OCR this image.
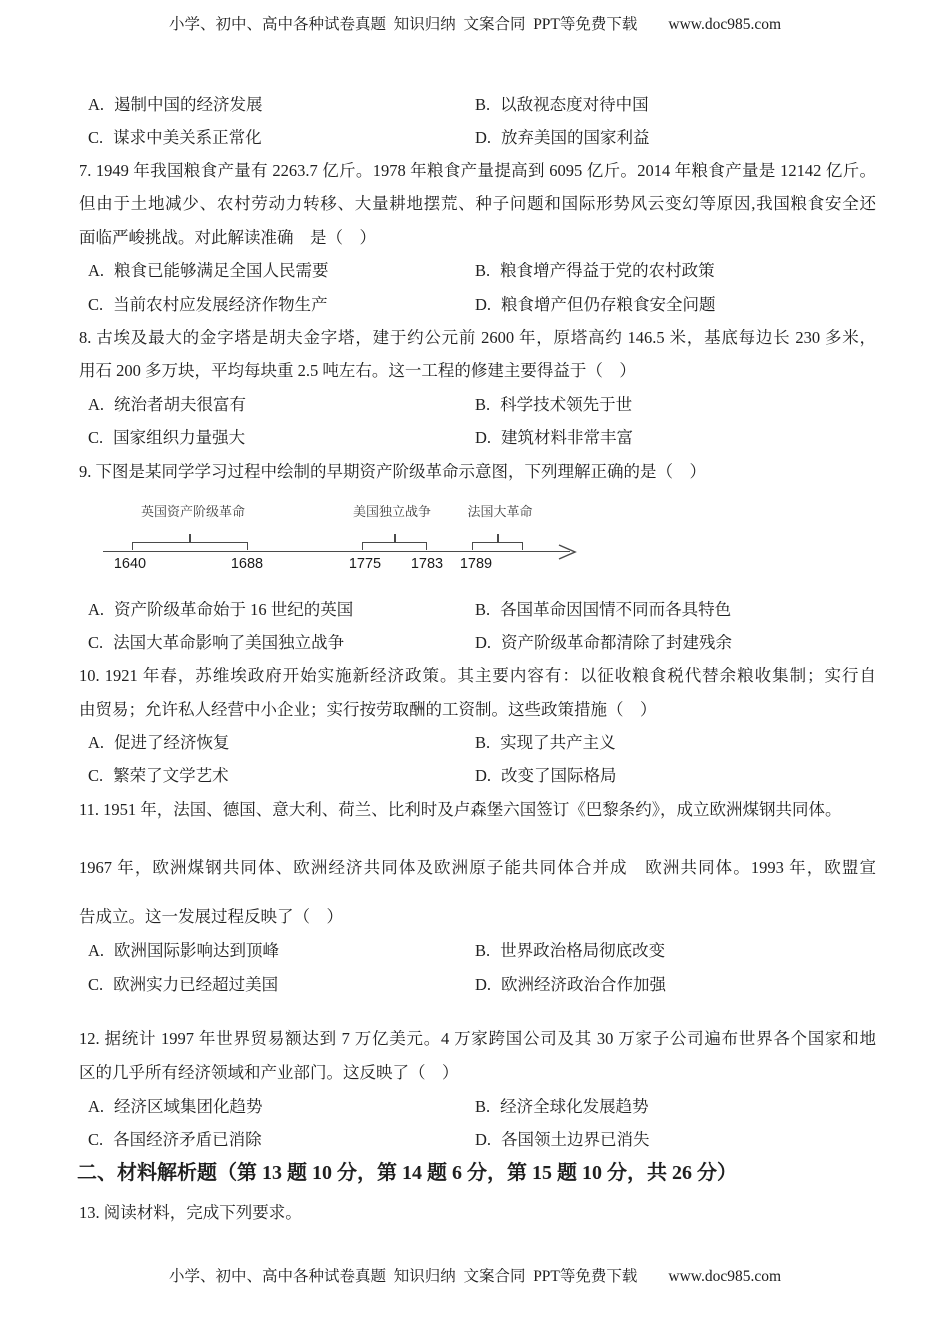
小学、初中、高中各种试卷真题  知识归纳  文案合同  PPT等免费下载　　www.doc985.com
A. 遏制中国的经济发展	B. 以敌视态度对待中国
C. 谋求中美关系正常化	D. 放弃美国的国家利益
7. 1949 年我国粮食产量有 2263.7 亿斤。1978 年粮食产量提高到 6095 亿斤。2014 年粮食产量是 12142 亿斤。
但由于土地减少、农村劳动力转移、大量耕地摆荒、种子问题和国际形势风云变幻等原因,我国粮食安全还
面临严峻挑战。对此解读准确　是（　）
A. 粮食已能够满足全国人民需要	B. 粮食增产得益于党的农村政策
C. 当前农村应发展经济作物生产	D. 粮食增产但仍存粮食安全问题
8. 古埃及最大的金字塔是胡夫金字塔，建于约公元前 2600 年，原塔高约 146.5 米，基底每边长 230 多米，
用石 200 多万块，平均每块重 2.5 吨左右。这一工程的修建主要得益于（　）
A. 统治者胡夫很富有	B. 科学技术领先于世
C. 国家组织力量强大	D. 建筑材料非常丰富
9. 下图是某同学学习过程中绘制的早期资产阶级革命示意图，下列理解正确的是（　）
英国资产阶级革命	美国独立战争	法国大革命
1640	1688	1775	1783	1789
A. 资产阶级革命始于 16 世纪的英国	B. 各国革命因国情不同而各具特色
C. 法国大革命影响了美国独立战争	D. 资产阶级革命都清除了封建残余
10. 1921 年春，苏维埃政府开始实施新经济政策。其主要内容有：以征收粮食税代替余粮收集制；实行自
由贸易；允许私人经营中小企业；实行按劳取酬的工资制。这些政策措施（　）
A. 促进了经济恢复	B. 实现了共产主义
C. 繁荣了文学艺术	D. 改变了国际格局
11. 1951 年，法国、德国、意大利、荷兰、比利时及卢森堡六国签订《巴黎条约》，成立欧洲煤钢共同体。
1967 年，欧洲煤钢共同体、欧洲经济共同体及欧洲原子能共同体合并成　欧洲共同体。1993 年，欧盟宣
告成立。这一发展过程反映了（　）
A. 欧洲国际影响达到顶峰	B. 世界政治格局彻底改变
C. 欧洲实力已经超过美国	D. 欧洲经济政治合作加强
12. 据统计 1997 年世界贸易额达到 7 万亿美元。4 万家跨国公司及其 30 万家子公司遍布世界各个国家和地
区的几乎所有经济领域和产业部门。这反映了（　）
A. 经济区域集团化趋势	B. 经济全球化发展趋势
C. 各国经济矛盾已消除	D. 各国领土边界已消失
二、材料解析题（第 13 题 10 分，第 14 题 6 分，第 15 题 10 分，共 26 分）
13. 阅读材料，完成下列要求。
小学、初中、高中各种试卷真题  知识归纳  文案合同  PPT等免费下载　　www.doc985.com
